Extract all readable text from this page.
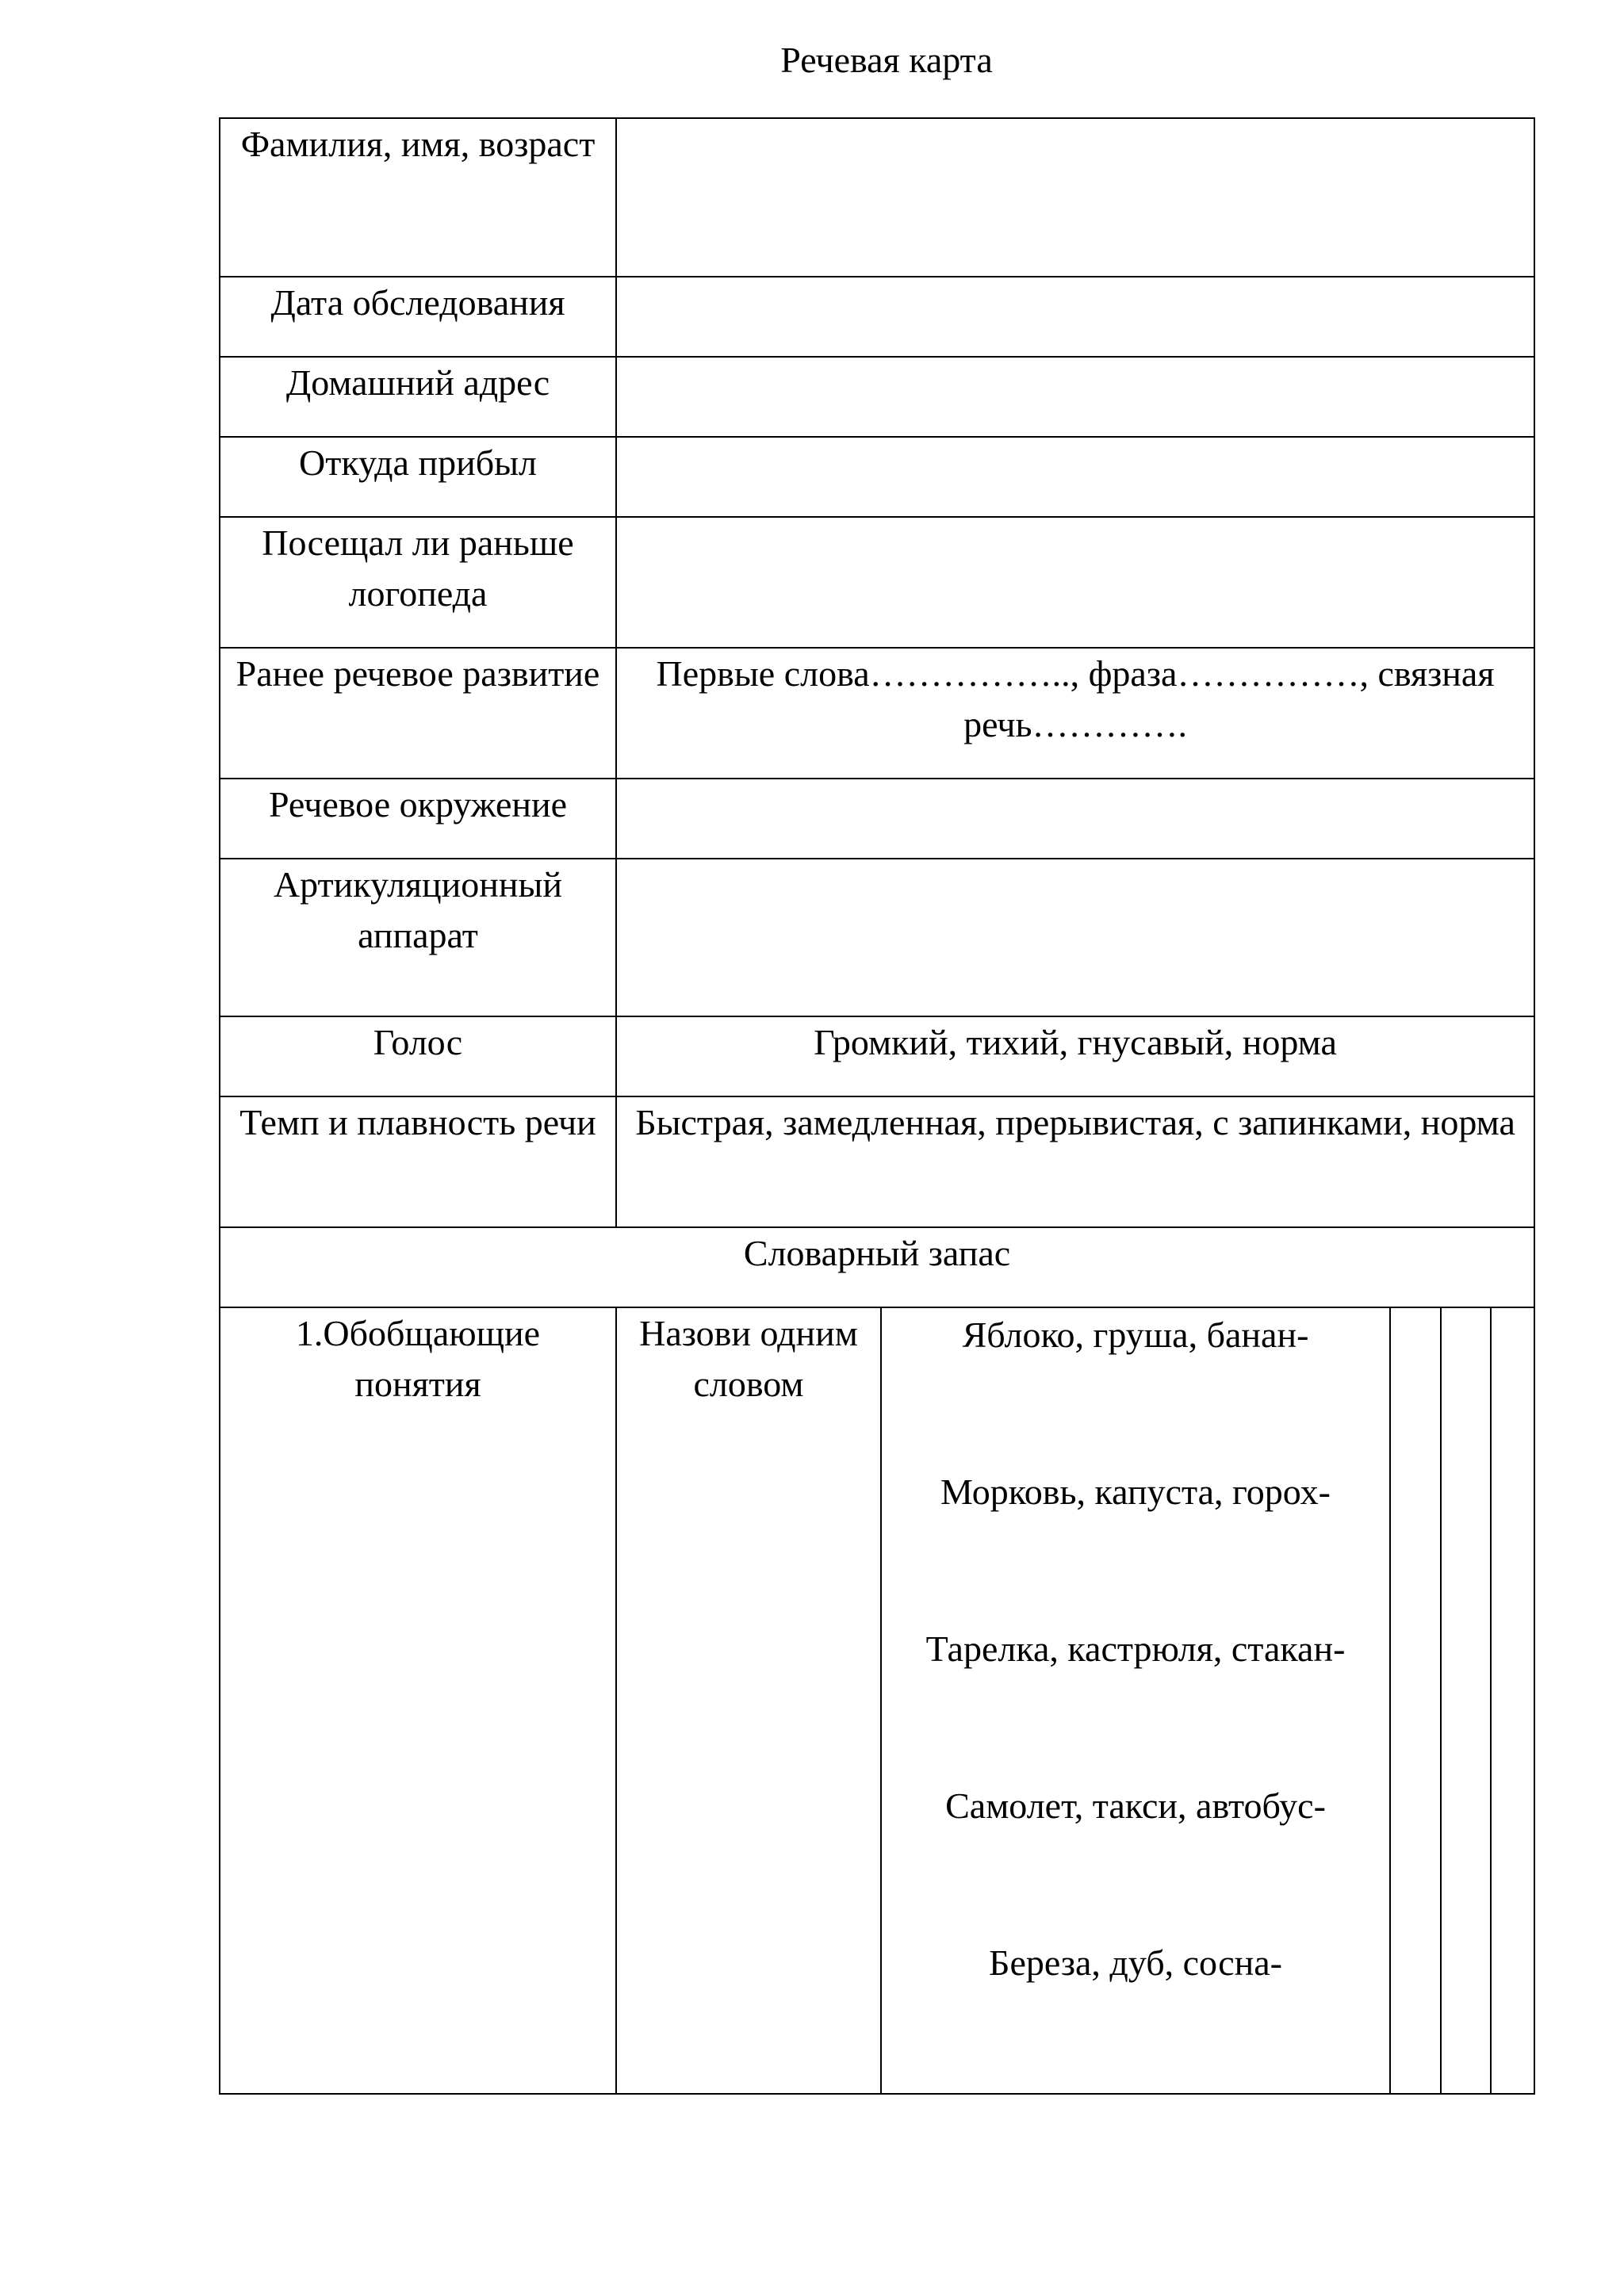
Речевая карта
Фамилия, имя, возраст					
Дата обследования					
Домашний адрес					
Откуда прибыл					
Посещал ли раньше логопеда					
Ранее речевое развитие	Первые слова…………….., фраза……………, связная речь………….				
Речевое окружение					
Артикуляционный аппарат					
Голос	Громкий, тихий, гнусавый, норма				
Темп и плавность речи	Быстрая, замедленная, прерывистая, с запинками, норма				
Словарный запас					
1.Обобщающие понятия	Назови одним словом	Яблоко, груша, банан-
Морковь, капуста, горох-
Тарелка, кастрюля, стакан-
Самолет, такси, автобус-
Береза, дуб, сосна-			
